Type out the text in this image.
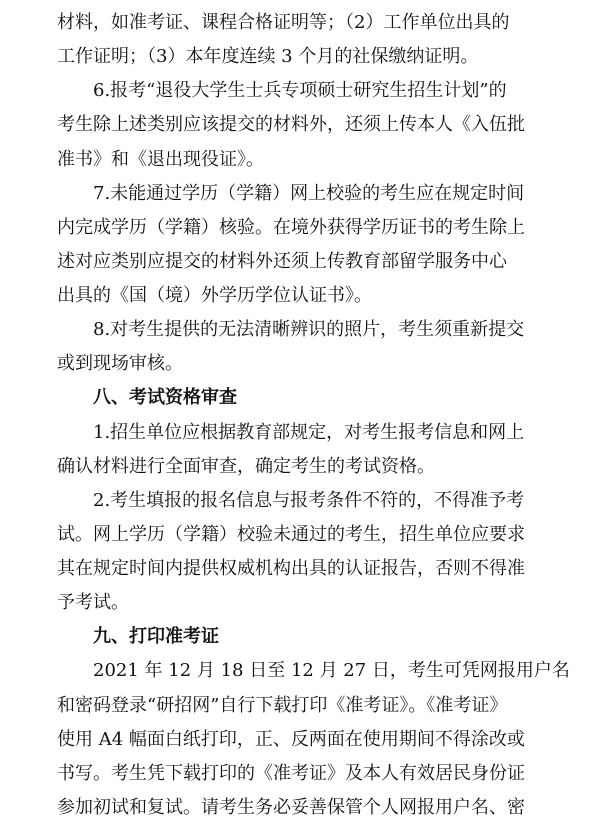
材料，如准考证、课程合格证明等；（2）工作单位出具的
工作证明；（3）本年度连续 3 个月的社保缴纳证明。
6.报考“退役大学生士兵专项硕士研究生招生计划”的
考生除上述类别应该提交的材料外，还须上传本人《入伍批
准书》和《退出现役证》。
7.未能通过学历（学籍）网上校验的考生应在规定时间
内完成学历（学籍）核验。在境外获得学历证书的考生除上
述对应类别应提交的材料外还须上传教育部留学服务中心
出具的《国（境）外学历学位认证书》。
8.对考生提供的无法清晰辨识的照片，考生须重新提交
或到现场审核。
八、考试资格审查
1.招生单位应根据教育部规定，对考生报考信息和网上
确认材料进行全面审查，确定考生的考试资格。
2.考生填报的报名信息与报考条件不符的，不得准予考
试。网上学历（学籍）校验未通过的考生，招生单位应要求
其在规定时间内提供权威机构出具的认证报告，否则不得准
予考试。
九、打印准考证
2021 年 12 月 18 日至 12 月 27 日，考生可凭网报用户名
和密码登录“研招网”自行下载打印《准考证》。《准考证》
使用 A4 幅面白纸打印，正、反两面在使用期间不得涂改或
书写。考生凭下载打印的《准考证》及本人有效居民身份证
参加初试和复试。请考生务必妥善保管个人网报用户名、密
